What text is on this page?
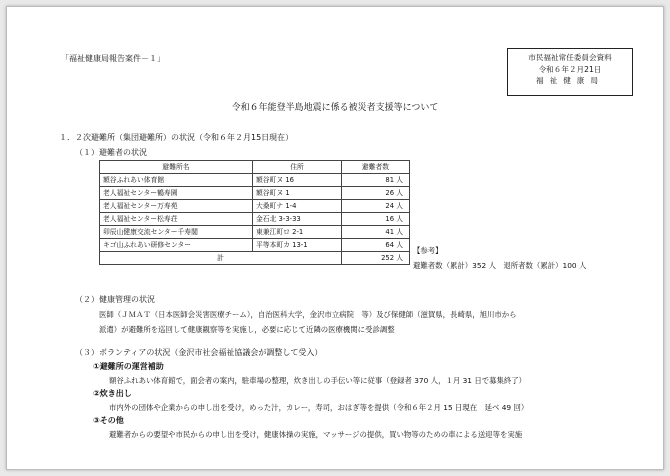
「福祉健康局報告案件－１」	市民福祉常任委員会資料
令和６年２月21日
福祉健康局
令和６年能登半島地震に係る被災者支援等について
１．２次避難所（集団避難所）の状況（令和６年２月15日現在）
（１）避難者の状況
避難所名	住所	避難者数
額谷ふれあい体育館	額谷町ヌ 16	81 人
老人福祉センター鶴寿園	額谷町ヌ 1	26 人
老人福祉センター万寿苑	大桑町ナ 1-4	24 人
老人福祉センター松寿荘	金石北 3-3-33	16 人
卯辰山健康交流センター千寿閣	東兼江町ロ 2-1	41 人
キゴ山ふれあい研修センター	平等本町カ 13-1	64 人
計		252 人
【参考】
避難者数（累計）352 人　退所者数（累計）100 人
（２）健康管理の状況
医師（ＪＭＡＴ（日本医師会災害医療チーム），自治医科大学，金沢市立病院　等）及び保健師（滋賀県，長崎県，旭川市から
派遣）が避難所を巡回して健康観察等を実施し，必要に応じて近隣の医療機関に受診調整
（３）ボランティアの状況（金沢市社会福祉協議会が調整して受入）
①避難所の運営補助
額谷ふれあい体育館で，面会者の案内，駐車場の整理，炊き出しの手伝い等に従事（登録者 370 人，１月 31 日で募集終了）
②炊き出し
市内外の団体や企業からの申し出を受け，めった汁，カレー，寿司，おはぎ等を提供（令和６年２月 15 日現在　延べ 49 回）
③その他
避難者からの要望や市民からの申し出を受け，健康体操の実施，マッサージの提供，買い物等のための車による送迎等を実施
